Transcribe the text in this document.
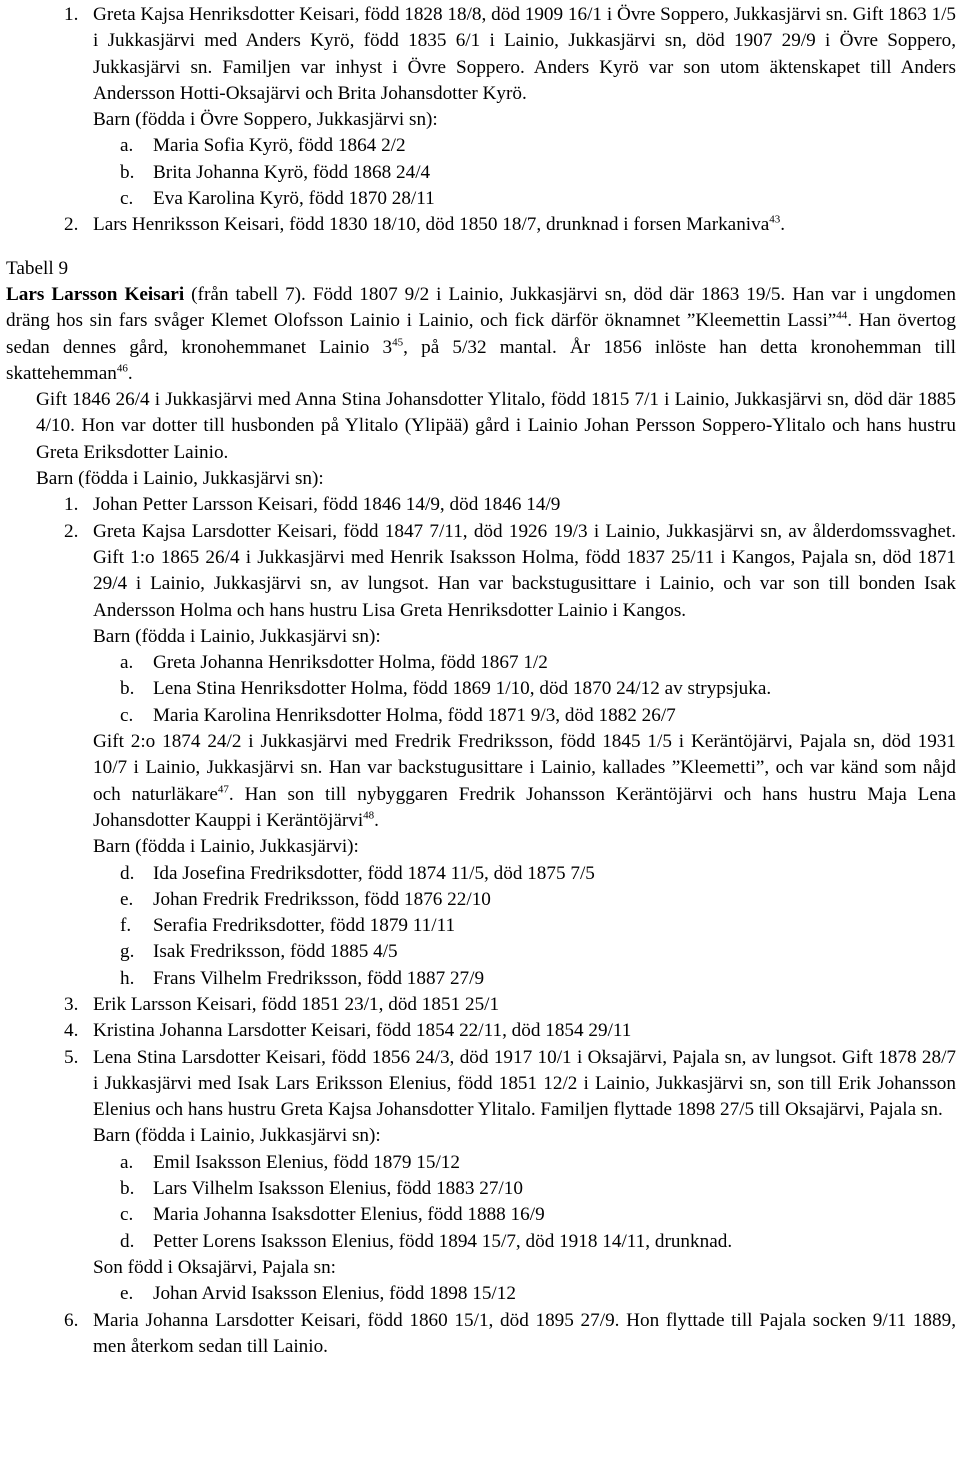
1. Greta Kajsa Henriksdotter Keisari, född 1828 18/8, död 1909 16/1 i Övre Soppero, Jukkasjärvi sn. Gift 1863 1/5 i Jukkasjärvi med Anders Kyrö, född 1835 6/1 i Lainio, Jukkasjärvi sn, död 1907 29/9 i Övre Soppero, Jukkasjärvi sn. Familjen var inhyst i Övre Soppero. Anders Kyrö var son utom äktenskapet till Anders Andersson Hotti-Oksajärvi och Brita Johansdotter Kyrö.
Barn (födda i Övre Soppero, Jukkasjärvi sn):
a. Maria Sofia Kyrö, född 1864 2/2
b. Brita Johanna Kyrö, född 1868 24/4
c. Eva Karolina Kyrö, född 1870 28/11
2. Lars Henriksson Keisari, född 1830 18/10, död 1850 18/7, drunknad i forsen Markaniva$^{43}$.
Tabell 9
Lars Larsson Keisari (från tabell 7). Född 1807 9/2 i Lainio, Jukkasjärvi sn, död där 1863 19/5. Han var i ungdomen dräng hos sin fars svåger Klemet Olofsson Lainio i Lainio, och fick därför öknamnet ”Kleemettin Lassi”$^{44}$. Han övertog sedan dennes gård, kronohemmanet Lainio $3^{45}$, på 5/32 mantal. År 1856 inlöste han detta kronohemman till skattehemman$^{46}$.
Gift 1846 26/4 i Jukkasjärvi med Anna Stina Johansdotter Ylitalo, född 1815 7/1 i Lainio, Jukkasjärvi sn, död där 1885 4/10. Hon var dotter till husbonden på Ylitalo (Ylipää) gård i Lainio Johan Persson Soppero-Ylitalo och hans hustru Greta Eriksdotter Lainio.
Barn (födda i Lainio, Jukkasjärvi sn):
1. Johan Petter Larsson Keisari, född 1846 14/9, död 1846 14/9
2. Greta Kajsa Larsdotter Keisari, född 1847 7/11, död 1926 19/3 i Lainio, Jukkasjärvi sn, av ålderdomssvaghet. Gift 1:o 1865 26/4 i Jukkasjärvi med Henrik Isaksson Holma, född 1837 25/11 i Kangos, Pajala sn, död 1871 29/4 i Lainio, Jukkasjärvi sn, av lungsot. Han var backstugusittare i Lainio, och var son till bonden Isak Andersson Holma och hans hustru Lisa Greta Henriksdotter Lainio i Kangos.
Barn (födda i Lainio, Jukkasjärvi sn):
a. Greta Johanna Henriksdotter Holma, född 1867 1/2
b. Lena Stina Henriksdotter Holma, född 1869 1/10, död 1870 24/12 av strypsjuka.
c. Maria Karolina Henriksdotter Holma, född 1871 9/3, död 1882 26/7
Gift 2:o 1874 24/2 i Jukkasjärvi med Fredrik Fredriksson, född 1845 1/5 i Keräntöjärvi, Pajala sn, död 1931 10/7 i Lainio, Jukkasjärvi sn. Han var backstugusittare i Lainio, kallades ”Kleemetti”, och var känd som nåjd och naturläkare$^{47}$. Han son till nybyggaren Fredrik Johansson Keräntöjärvi och hans hustru Maja Lena Johansdotter Kauppi i Keräntöjärvi$^{48}$.
Barn (födda i Lainio, Jukkasjärvi):
d. Ida Josefina Fredriksdotter, född 1874 11/5, död 1875 7/5
e. Johan Fredrik Fredriksson, född 1876 22/10
f. Serafia Fredriksdotter, född 1879 11/11
g. Isak Fredriksson, född 1885 4/5
h. Frans Vilhelm Fredriksson, född 1887 27/9
3. Erik Larsson Keisari, född 1851 23/1, död 1851 25/1
4. Kristina Johanna Larsdotter Keisari, född 1854 22/11, död 1854 29/11
5. Lena Stina Larsdotter Keisari, född 1856 24/3, död 1917 10/1 i Oksajärvi, Pajala sn, av lungsot. Gift 1878 28/7 i Jukkasjärvi med Isak Lars Eriksson Elenius, född 1851 12/2 i Lainio, Jukkasjärvi sn, son till Erik Johansson Elenius och hans hustru Greta Kajsa Johansdotter Ylitalo. Familjen flyttade 1898 27/5 till Oksajärvi, Pajala sn.
Barn (födda i Lainio, Jukkasjärvi sn):
a. Emil Isaksson Elenius, född 1879 15/12
b. Lars Vilhelm Isaksson Elenius, född 1883 27/10
c. Maria Johanna Isaksdotter Elenius, född 1888 16/9
d. Petter Lorens Isaksson Elenius, född 1894 15/7, död 1918 14/11, drunknad.
Son född i Oksajärvi, Pajala sn:
e. Johan Arvid Isaksson Elenius, född 1898 15/12
6. Maria Johanna Larsdotter Keisari, född 1860 15/1, död 1895 27/9. Hon flyttade till Pajala socken 9/11 1889, men återkom sedan till Lainio.
